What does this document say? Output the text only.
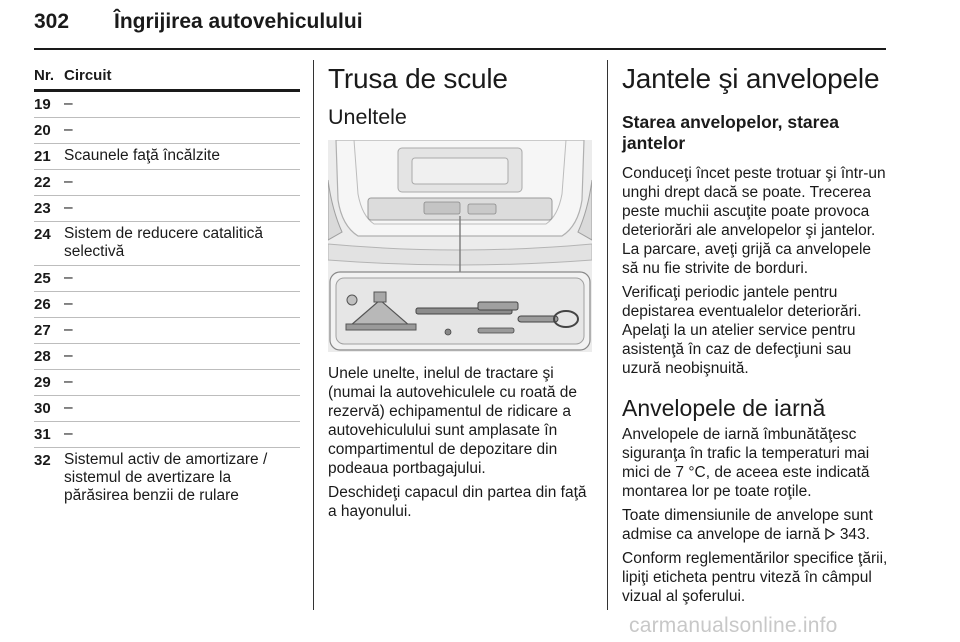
302 Îngrijirea autovehiculului
Nr. Circuit
19 –
20 –
21 Scaunele faţă încălzite
22 –
23 –
24 Sistem de reducere catalitică selectivă
25 –
26 –
27 –
28 –
29 –
30 –
31 –
32 Sistemul activ de amortizare / sistemul de avertizare la părăsirea benzii de rulare
Trusa de scule
Uneltele

Unele unelte, inelul de tractare şi (numai la autovehiculele cu roată de rezervă) echipamentul de ridicare a autovehiculului sunt amplasate în compartimentul de depozitare din podeaua portbagajului.

Deschideţi capacul din partea din faţă a hayonului.

Jantele şi anvelopele
Starea anvelopelor, starea jantelor

Conduceţi încet peste trotuar şi într-un unghi drept dacă se poate. Trecerea peste muchii ascuţite poate provoca deteriorări ale anvelopelor şi jantelor. La parcare, aveţi grijă ca anvelopele să nu fie strivite de borduri.

Verificaţi periodic jantele pentru depistarea eventualelor deteriorări. Apelaţi la un atelier service pentru asistenţă în caz de defecţiuni sau uzură neobişnuită.

Anvelopele de iarnă

Anvelopele de iarnă îmbunătăţesc siguranţa în trafic la temperaturi mai mici de 7 °C, de aceea este indicată montarea lor pe toate roţile.

Toate dimensiunile de anvelope sunt admise ca anvelope de iarnă  343.

Conform reglementărilor specifice ţării, lipiţi eticheta pentru viteză în câmpul vizual al şoferului.

carmanualsonline.info
